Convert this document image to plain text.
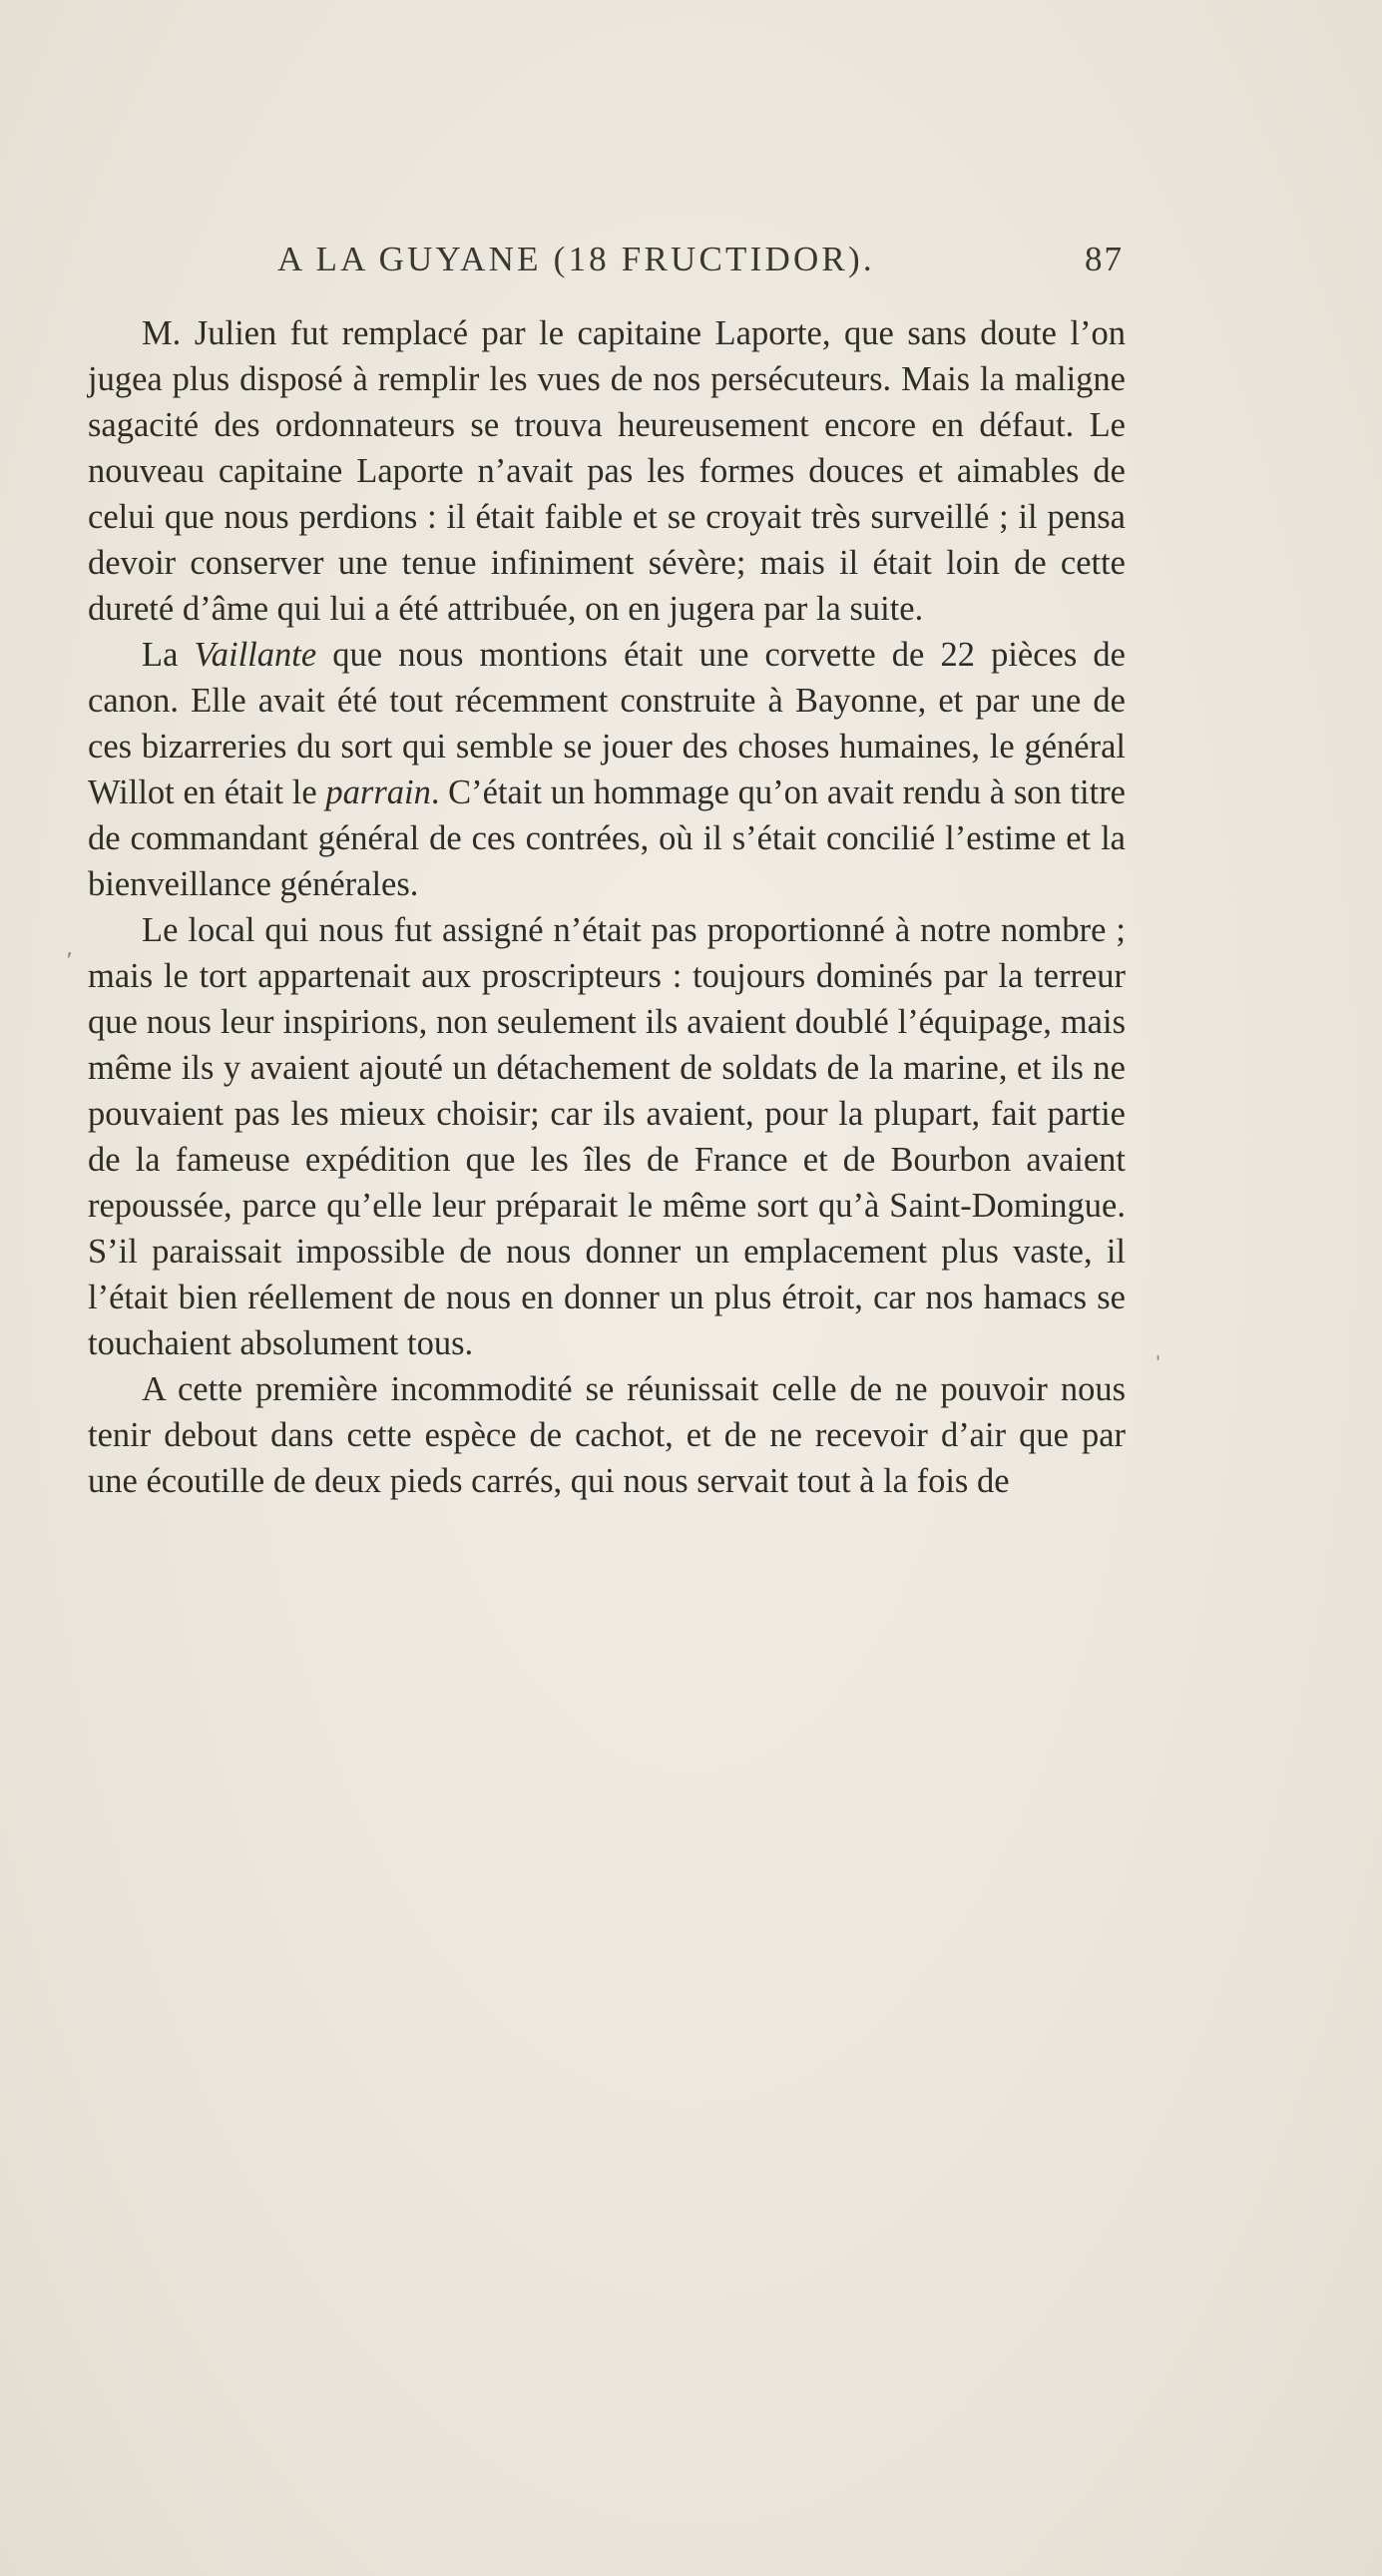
A LA GUYANE (18 FRUCTIDOR).	87

M. Julien fut remplacé par le capitaine Laporte, que sans doute l’on jugea plus disposé à remplir les vues de nos persécuteurs. Mais la maligne sagacité des ordonnateurs se trouva heureusement encore en défaut. Le nouveau capitaine Laporte n’avait pas les formes douces et aimables de celui que nous perdions : il était faible et se croyait très surveillé ; il pensa devoir conserver une tenue infiniment sévère; mais il était loin de cette dureté d’âme qui lui a été attribuée, on en jugera par la suite.

La Vaillante que nous montions était une corvette de 22 pièces de canon. Elle avait été tout récemment construite à Bayonne, et par une de ces bizarreries du sort qui semble se jouer des choses humaines, le général Willot en était le parrain. C’était un hommage qu’on avait rendu à son titre de commandant général de ces contrées, où il s’était concilié l’estime et la bienveillance générales.

Le local qui nous fut assigné n’était pas proportionné à notre nombre ; mais le tort appartenait aux proscripteurs : toujours dominés par la terreur que nous leur inspirions, non seulement ils avaient doublé l’équipage, mais même ils y avaient ajouté un détachement de soldats de la marine, et ils ne pouvaient pas les mieux choisir; car ils avaient, pour la plupart, fait partie de la fameuse expédition que les îles de France et de Bourbon avaient repoussée, parce qu’elle leur préparait le même sort qu’à Saint-Domingue. S’il paraissait impossible de nous donner un emplacement plus vaste, il l’était bien réellement de nous en donner un plus étroit, car nos hamacs se touchaient absolument tous.

A cette première incommodité se réunissait celle de ne pouvoir nous tenir debout dans cette espèce de cachot, et de ne recevoir d’air que par une écoutille de deux pieds carrés, qui nous servait tout à la fois de

,
'
